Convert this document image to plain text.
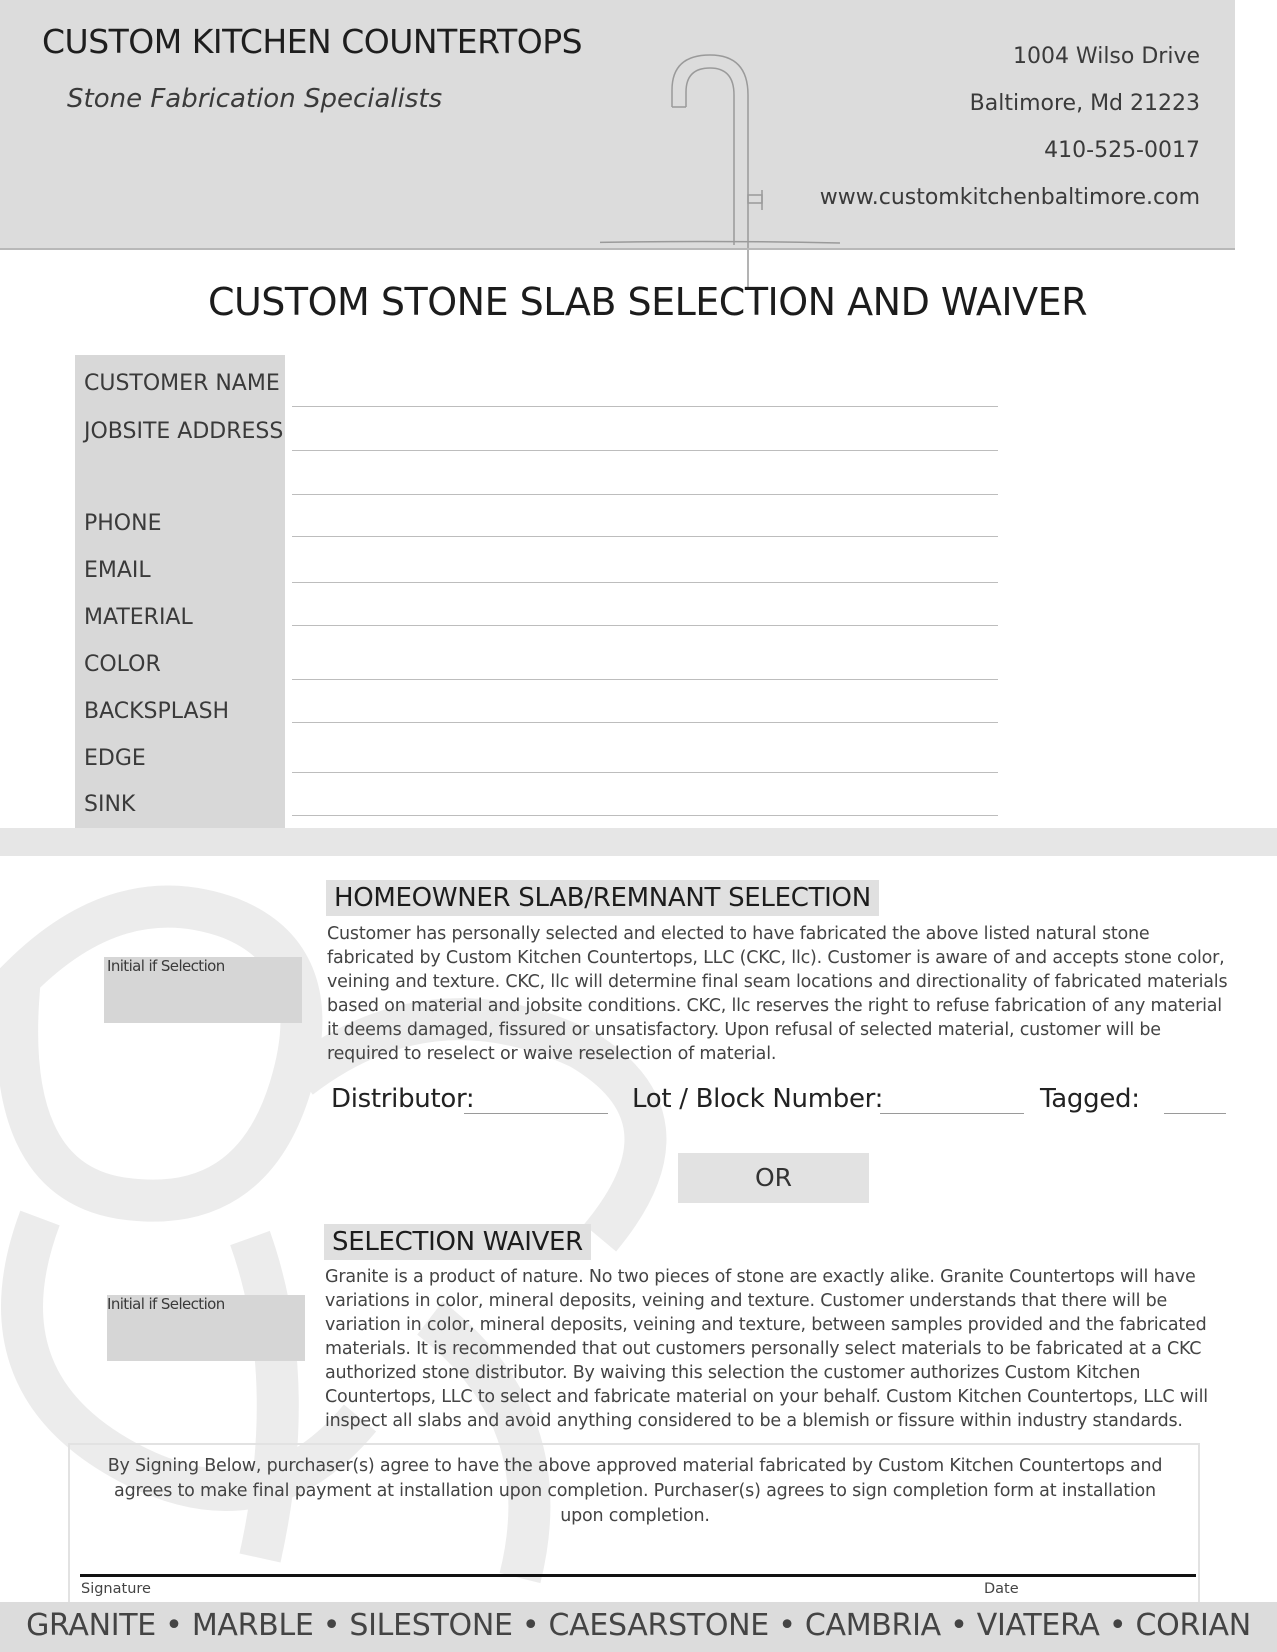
CUSTOM KITCHEN COUNTERTOPS
Stone Fabrication Specialists
1004 Wilso Drive
Baltimore, Md 21223
410-525-0017
www.customkitchenbaltimore.com
CUSTOM STONE SLAB SELECTION AND WAIVER
CUSTOMER NAME
JOBSITE ADDRESS
PHONE
EMAIL
MATERIAL
COLOR
BACKSPLASH
EDGE
SINK
HOMEOWNER SLAB/REMNANT SELECTION
Initial if Selection
Customer has personally selected and elected to have fabricated the above listed natural stone fabricated by Custom Kitchen Countertops, LLC (CKC, llc). Customer is aware of and accepts stone color, veining and texture. CKC, llc will determine final seam locations and directionality of fabricated materials based on material and jobsite conditions. CKC, llc reserves the right to refuse fabrication of any material it deems damaged, fissured or unsatisfactory. Upon refusal of selected material, customer will be required to reselect or waive reselection of material.
Distributor:	Lot / Block Number:	Tagged:
OR
SELECTION WAIVER
Initial if Selection
Granite is a product of nature. No two pieces of stone are exactly alike. Granite Countertops will have variations in color, mineral deposits, veining and texture. Customer understands that there will be variation in color, mineral deposits, veining and texture, between samples provided and the fabricated materials. It is recommended that out customers personally select materials to be fabricated at a CKC authorized stone distributor. By waiving this selection the customer authorizes Custom Kitchen Countertops, LLC to select and fabricate material on your behalf. Custom Kitchen Countertops, LLC will inspect all slabs and avoid anything considered to be a blemish or fissure within industry standards.
By Signing Below, purchaser(s) agree to have the above approved material fabricated by Custom Kitchen Countertops and agrees to make final payment at installation upon completion. Purchaser(s) agrees to sign completion form at installation upon completion.
Signature	Date
GRANITE • MARBLE • SILESTONE • CAESARSTONE • CAMBRIA • VIATERA • CORIAN
